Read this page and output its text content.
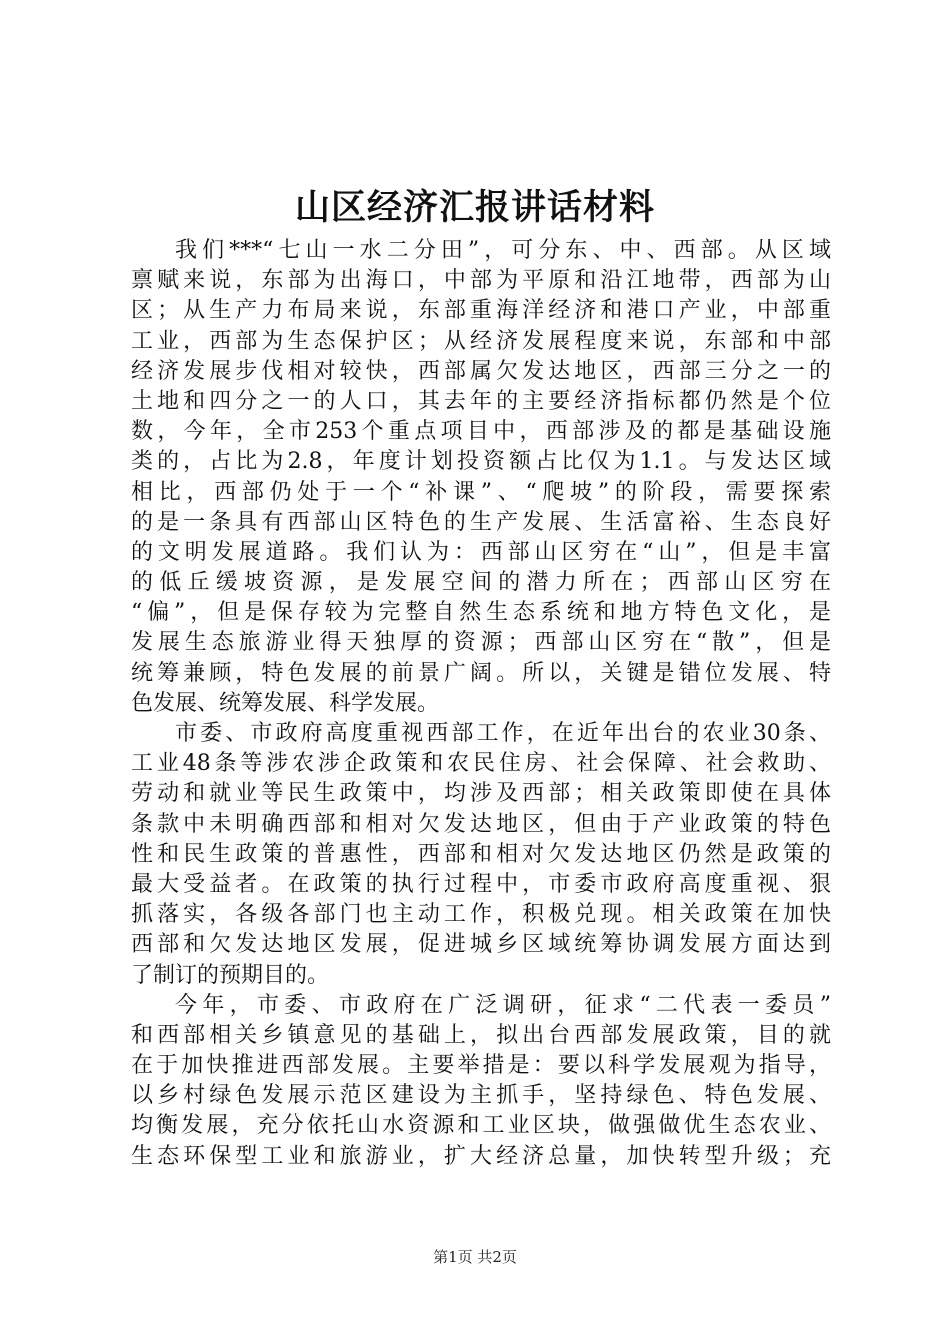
山区经济汇报讲话材料
我们***“七山一水二分田”，可分东、中、西部。从区域
禀赋来说，东部为出海口，中部为平原和沿江地带，西部为山
区；从生产力布局来说，东部重海洋经济和港口产业，中部重
工业，西部为生态保护区；从经济发展程度来说，东部和中部
经济发展步伐相对较快，西部属欠发达地区，西部三分之一的
土地和四分之一的人口，其去年的主要经济指标都仍然是个位
数，今年，全市253个重点项目中，西部涉及的都是基础设施
类的，占比为2.8，年度计划投资额占比仅为1.1。与发达区域
相比，西部仍处于一个“补课”、“爬坡”的阶段，需要探索
的是一条具有西部山区特色的生产发展、生活富裕、生态良好
的文明发展道路。我们认为：西部山区穷在“山”，但是丰富
的低丘缓坡资源，是发展空间的潜力所在；西部山区穷在
“偏”，但是保存较为完整自然生态系统和地方特色文化，是
发展生态旅游业得天独厚的资源；西部山区穷在“散”，但是
统筹兼顾，特色发展的前景广阔。所以，关键是错位发展、特
色发展、统筹发展、科学发展。
市委、市政府高度重视西部工作，在近年出台的农业30条、
工业48条等涉农涉企政策和农民住房、社会保障、社会救助、
劳动和就业等民生政策中，均涉及西部；相关政策即使在具体
条款中未明确西部和相对欠发达地区，但由于产业政策的特色
性和民生政策的普惠性，西部和相对欠发达地区仍然是政策的
最大受益者。在政策的执行过程中，市委市政府高度重视、狠
抓落实，各级各部门也主动工作，积极兑现。相关政策在加快
西部和欠发达地区发展，促进城乡区域统筹协调发展方面达到
了制订的预期目的。
今年，市委、市政府在广泛调研，征求“二代表一委员”
和西部相关乡镇意见的基础上，拟出台西部发展政策，目的就
在于加快推进西部发展。主要举措是：要以科学发展观为指导，
以乡村绿色发展示范区建设为主抓手，坚持绿色、特色发展、
均衡发展，充分依托山水资源和工业区块，做强做优生态农业、
生态环保型工业和旅游业，扩大经济总量，加快转型升级；充
第1页 共2页
